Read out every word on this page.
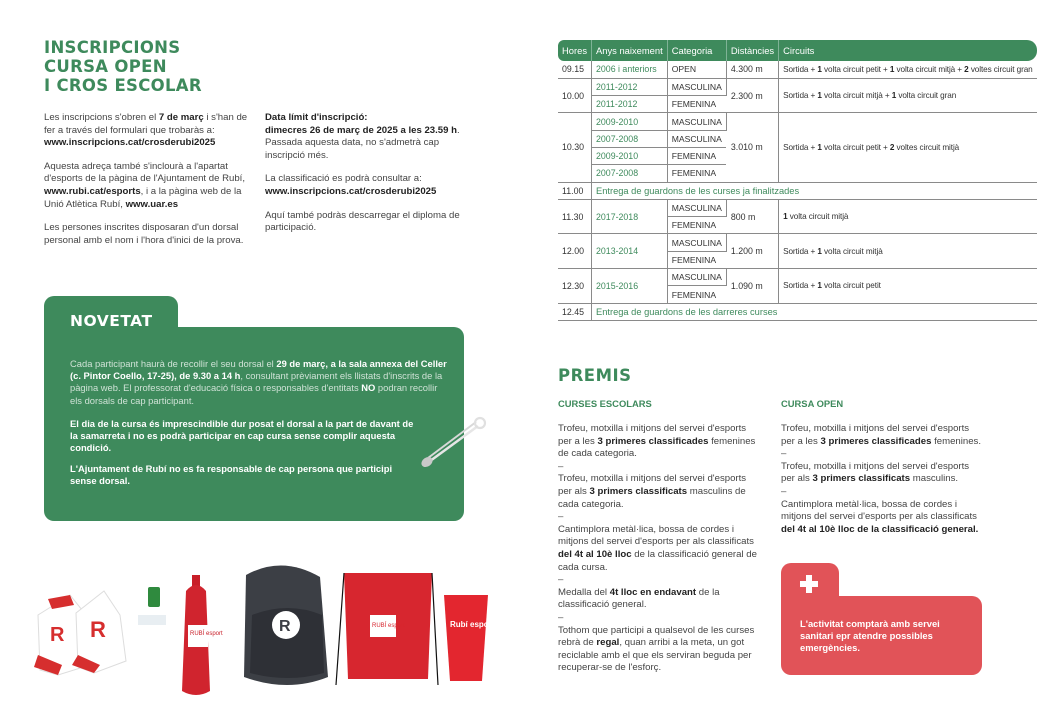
INSCRIPCIONS
CURSA OPEN
I CROS ESCOLAR

Les inscripcions s'obren el 7 de març i s'han de fer a través del formulari que trobaràs a:
www.inscripcions.cat/crosderubi2025

Aquesta adreça també s'inclourà a l'apartat d'esports de la pàgina de l'Ajuntament de Rubí, www.rubi.cat/esports, i a la pàgina web de la Unió Atlètica Rubí, www.uar.es

Les persones inscrites disposaran d'un dorsal personal amb el nom i l'hora d'inici de la prova.

Data límit d'inscripció:
dimecres 26 de març de 2025 a les 23.59 h. Passada aquesta data, no s'admetrà cap inscripció més.

La classificació es podrà consultar a:
www.inscripcions.cat/crosderubi2025

Aquí també podràs descarregar el diploma de participació.

NOVETAT
Cada participant haurà de recollir el seu dorsal el 29 de març, a la sala annexa del Celler (c. Pintor Coello, 17-25), de 9.30 a 14 h, consultant prèviament els llistats d'inscrits de la pàgina web. El professorat d'educació física o responsables d'entitats NO podran recollir els dorsals de cap participant.
El dia de la cursa és imprescindible dur posat el dorsal a la part de davant de la samarreta i no es podrà participar en cap cursa sense complir aquesta condició.
L'Ajuntament de Rubí no es fa responsable de cap persona que participi sense dorsal.
R
R	RUBÍ esport	R	RUBÍ esport	Rubí esport
Hores	Anys naixement	Categoria	Distàncies	Circuits
09.15	2006 i anteriors	OPEN	4.300 m	Sortida + 1 volta circuit petit + 1 volta circuit mitjà + 2 voltes circuit gran
10.00	2011-2012	MASCULINA	2.300 m	Sortida + 1 volta circuit mitjà + 1 volta circuit gran
	2011-2012	FEMENINA		
10.30	2009-2010	MASCULINA	3.010 m	Sortida + 1 volta circuit petit + 2 voltes circuit mitjà
	2007-2008	MASCULINA		
	2009-2010	FEMENINA		
	2007-2008	FEMENINA		
11.00	Entrega de guardons de les curses ja finalitzades			
11.30	2017-2018	MASCULINA	800 m	1 volta circuit mitjà
		FEMENINA		
12.00	2013-2014	MASCULINA	1.200 m	Sortida + 1 volta circuit mitjà
		FEMENINA		
12.30	2015-2016	MASCULINA	1.090 m	Sortida + 1 volta circuit petit
		FEMENINA		
12.45	Entrega de guardons de les darreres curses			
PREMIS
CURSES ESCOLARS
Trofeu, motxilla i mitjons del servei d'esports per a les 3 primeres classificades femenines de cada categoria.
–
Trofeu, motxilla i mitjons del servei d'esports per als 3 primers classificats masculins de cada categoria.
–
Cantimplora metàl·lica, bossa de cordes i mitjons del servei d'esports per als classificats del 4t al 10è lloc de la classificació general de cada cursa.
–
Medalla del 4t lloc en endavant de la classificació general.
–
Tothom que participi a qualsevol de les curses rebrà de regal, quan arribi a la meta, un got reciclable amb el que els serviran beguda per recuperar-se de l'esforç.
CURSA OPEN
Trofeu, motxilla i mitjons del servei d'esports per a les 3 primeres classificades femenines.
–
Trofeu, motxilla i mitjons del servei d'esports per als 3 primers classificats masculins.
–
Cantimplora metàl·lica, bossa de cordes i mitjons del servei d'esports per als classificats del 4t al 10è lloc de la classificació general.
L'activitat comptarà amb servei sanitari epr atendre possibles emergències.
